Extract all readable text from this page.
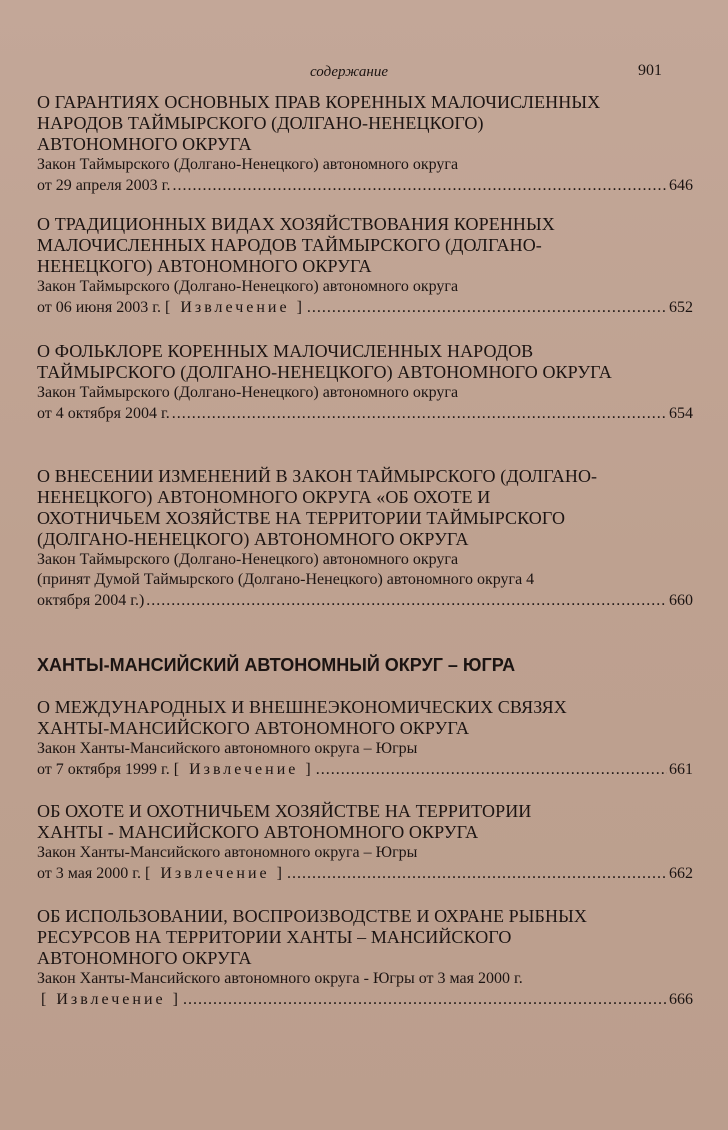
содержание	901
О ГАРАНТИЯХ ОСНОВНЫХ ПРАВ КОРЕННЫХ МАЛОЧИСЛЕННЫХ
НАРОДОВ ТАЙМЫРСКОГО (ДОЛГАНО-НЕНЕЦКОГО)
АВТОНОМНОГО ОКРУГА
Закон Таймырского (Долгано-Ненецкого) автономного округа
от 29 апреля 2003 г. .....	646
О ТРАДИЦИОННЫХ ВИДАХ ХОЗЯЙСТВОВАНИЯ КОРЕННЫХ
МАЛОЧИСЛЕННЫХ НАРОДОВ ТАЙМЫРСКОГО (ДОЛГАНО-
НЕНЕЦКОГО) АВТОНОМНОГО ОКРУГА
Закон Таймырского (Долгано-Ненецкого) автономного округа
от 06 июня 2003 г.
[ Извлечение ] .....	652
О ФОЛЬКЛОРЕ КОРЕННЫХ МАЛОЧИСЛЕННЫХ НАРОДОВ
ТАЙМЫРСКОГО (ДОЛГАНО-НЕНЕЦКОГО) АВТОНОМНОГО ОКРУГА
Закон Таймырского (Долгано-Ненецкого) автономного округа
от 4 октября 2004 г. .....	654
О ВНЕСЕНИИ ИЗМЕНЕНИЙ В ЗАКОН ТАЙМЫРСКОГО (ДОЛГАНО-
НЕНЕЦКОГО) АВТОНОМНОГО ОКРУГА «ОБ ОХОТЕ И
ОХОТНИЧЬЕМ ХОЗЯЙСТВЕ НА ТЕРРИТОРИИ ТАЙМЫРСКОГО
(ДОЛГАНО-НЕНЕЦКОГО) АВТОНОМНОГО ОКРУГА
Закон Таймырского (Долгано-Ненецкого) автономного округа
(принят Думой Таймырского (Долгано-Ненецкого) автономного округа 4
октября 2004 г.) .....	660
ХАНТЫ-МАНСИЙСКИЙ АВТОНОМНЫЙ ОКРУГ – ЮГРА
О МЕЖДУНАРОДНЫХ И ВНЕШНЕЭКОНОМИЧЕСКИХ СВЯЗЯХ
ХАНТЫ-МАНСИЙСКОГО АВТОНОМНОГО ОКРУГА
Закон Ханты-Мансийского автономного округа – Югры
от 7 октября 1999 г.
[ Извлечение ] .....	661
ОБ ОХОТЕ И ОХОТНИЧЬЕМ ХОЗЯЙСТВЕ НА ТЕРРИТОРИИ
ХАНТЫ - МАНСИЙСКОГО АВТОНОМНОГО ОКРУГА
Закон Ханты-Мансийского автономного округа – Югры
от 3 мая 2000 г.
[ Извлечение ] .....	662
ОБ ИСПОЛЬЗОВАНИИ, ВОСПРОИЗВОДСТВЕ И ОХРАНЕ РЫБНЫХ
РЕСУРСОВ НА ТЕРРИТОРИИ ХАНТЫ – МАНСИЙСКОГО
АВТОНОМНОГО ОКРУГА
Закон Ханты-Мансийского автономного округа - Югры от 3 мая 2000 г.

[ Извлечение ] .....	666
